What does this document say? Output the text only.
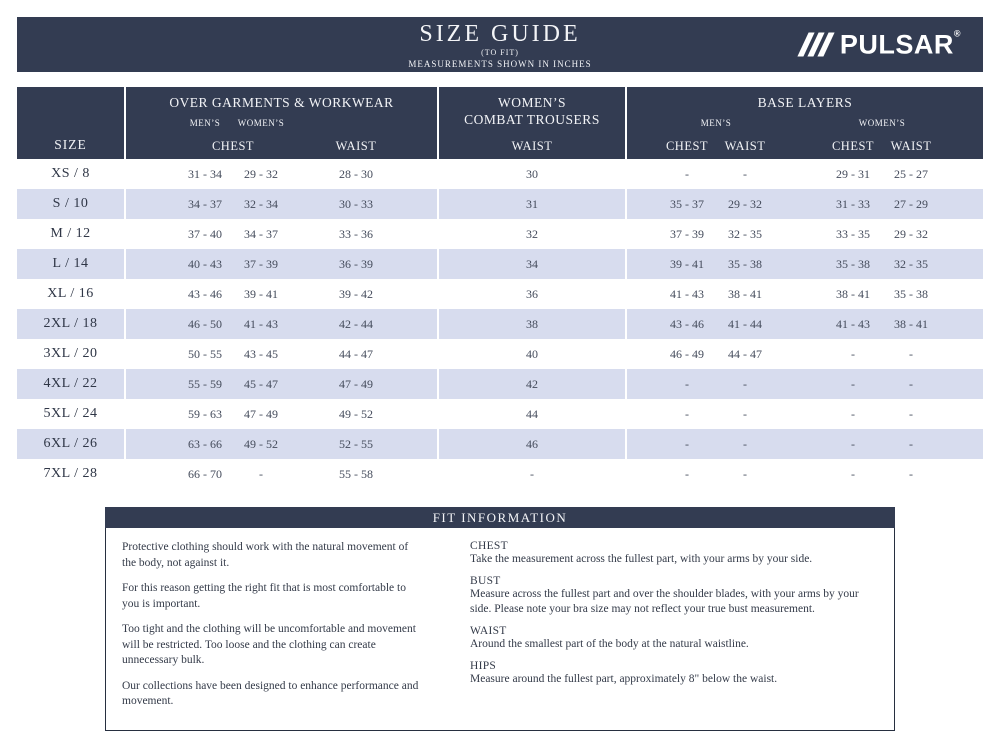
SIZE GUIDE
(TO FIT)
MEASUREMENTS SHOWN IN INCHES
PULSAR®
SIZE
OVER GARMENTS & WORKWEAR
MEN’S	WOMEN’S
CHEST	WAIST
WOMEN’S
COMBAT TROUSERS
WAIST
BASE LAYERS
MEN’S	WOMEN’S
CHEST	WAIST	CHEST	WAIST
XS / 8	31 - 34	29 - 32	28 - 30	30	-	-	29 - 31	25 - 27
S / 10	34 - 37	32 - 34	30 - 33	31	35 - 37	29 - 32	31 - 33	27 - 29
M / 12	37 - 40	34 - 37	33 - 36	32	37 - 39	32 - 35	33 - 35	29 - 32
L / 14	40 - 43	37 - 39	36 - 39	34	39 - 41	35 - 38	35 - 38	32 - 35
XL / 16	43 - 46	39 - 41	39 - 42	36	41 - 43	38 - 41	38 - 41	35 - 38
2XL / 18	46 - 50	41 - 43	42 - 44	38	43 - 46	41 - 44	41 - 43	38 - 41
3XL / 20	50 - 55	43 - 45	44 - 47	40	46 - 49	44 - 47	-	-
4XL / 22	55 - 59	45 - 47	47 - 49	42	-	-	-	-
5XL / 24	59 - 63	47 - 49	49 - 52	44	-	-	-	-
6XL / 26	63 - 66	49 - 52	52 - 55	46	-	-	-	-
7XL / 28	66 - 70	-	55 - 58	-	-	-	-	-
FIT INFORMATION

Protective clothing should work with the natural movement of the body, not against it.

For this reason getting the right fit that is most comfortable to you is important.

Too tight and the clothing will be uncomfortable and movement will be restricted. Too loose and the clothing can create unnecessary bulk.

Our collections have been designed to enhance performance and movement.

CHEST
Take the measurement across the fullest part, with your arms by your side.
BUST
Measure across the fullest part and over the shoulder blades, with your arms by your side. Please note your bra size may not reflect your true bust measurement.
WAIST
Around the smallest part of the body at the natural waistline.
HIPS
Measure around the fullest part, approximately 8" below the waist.
